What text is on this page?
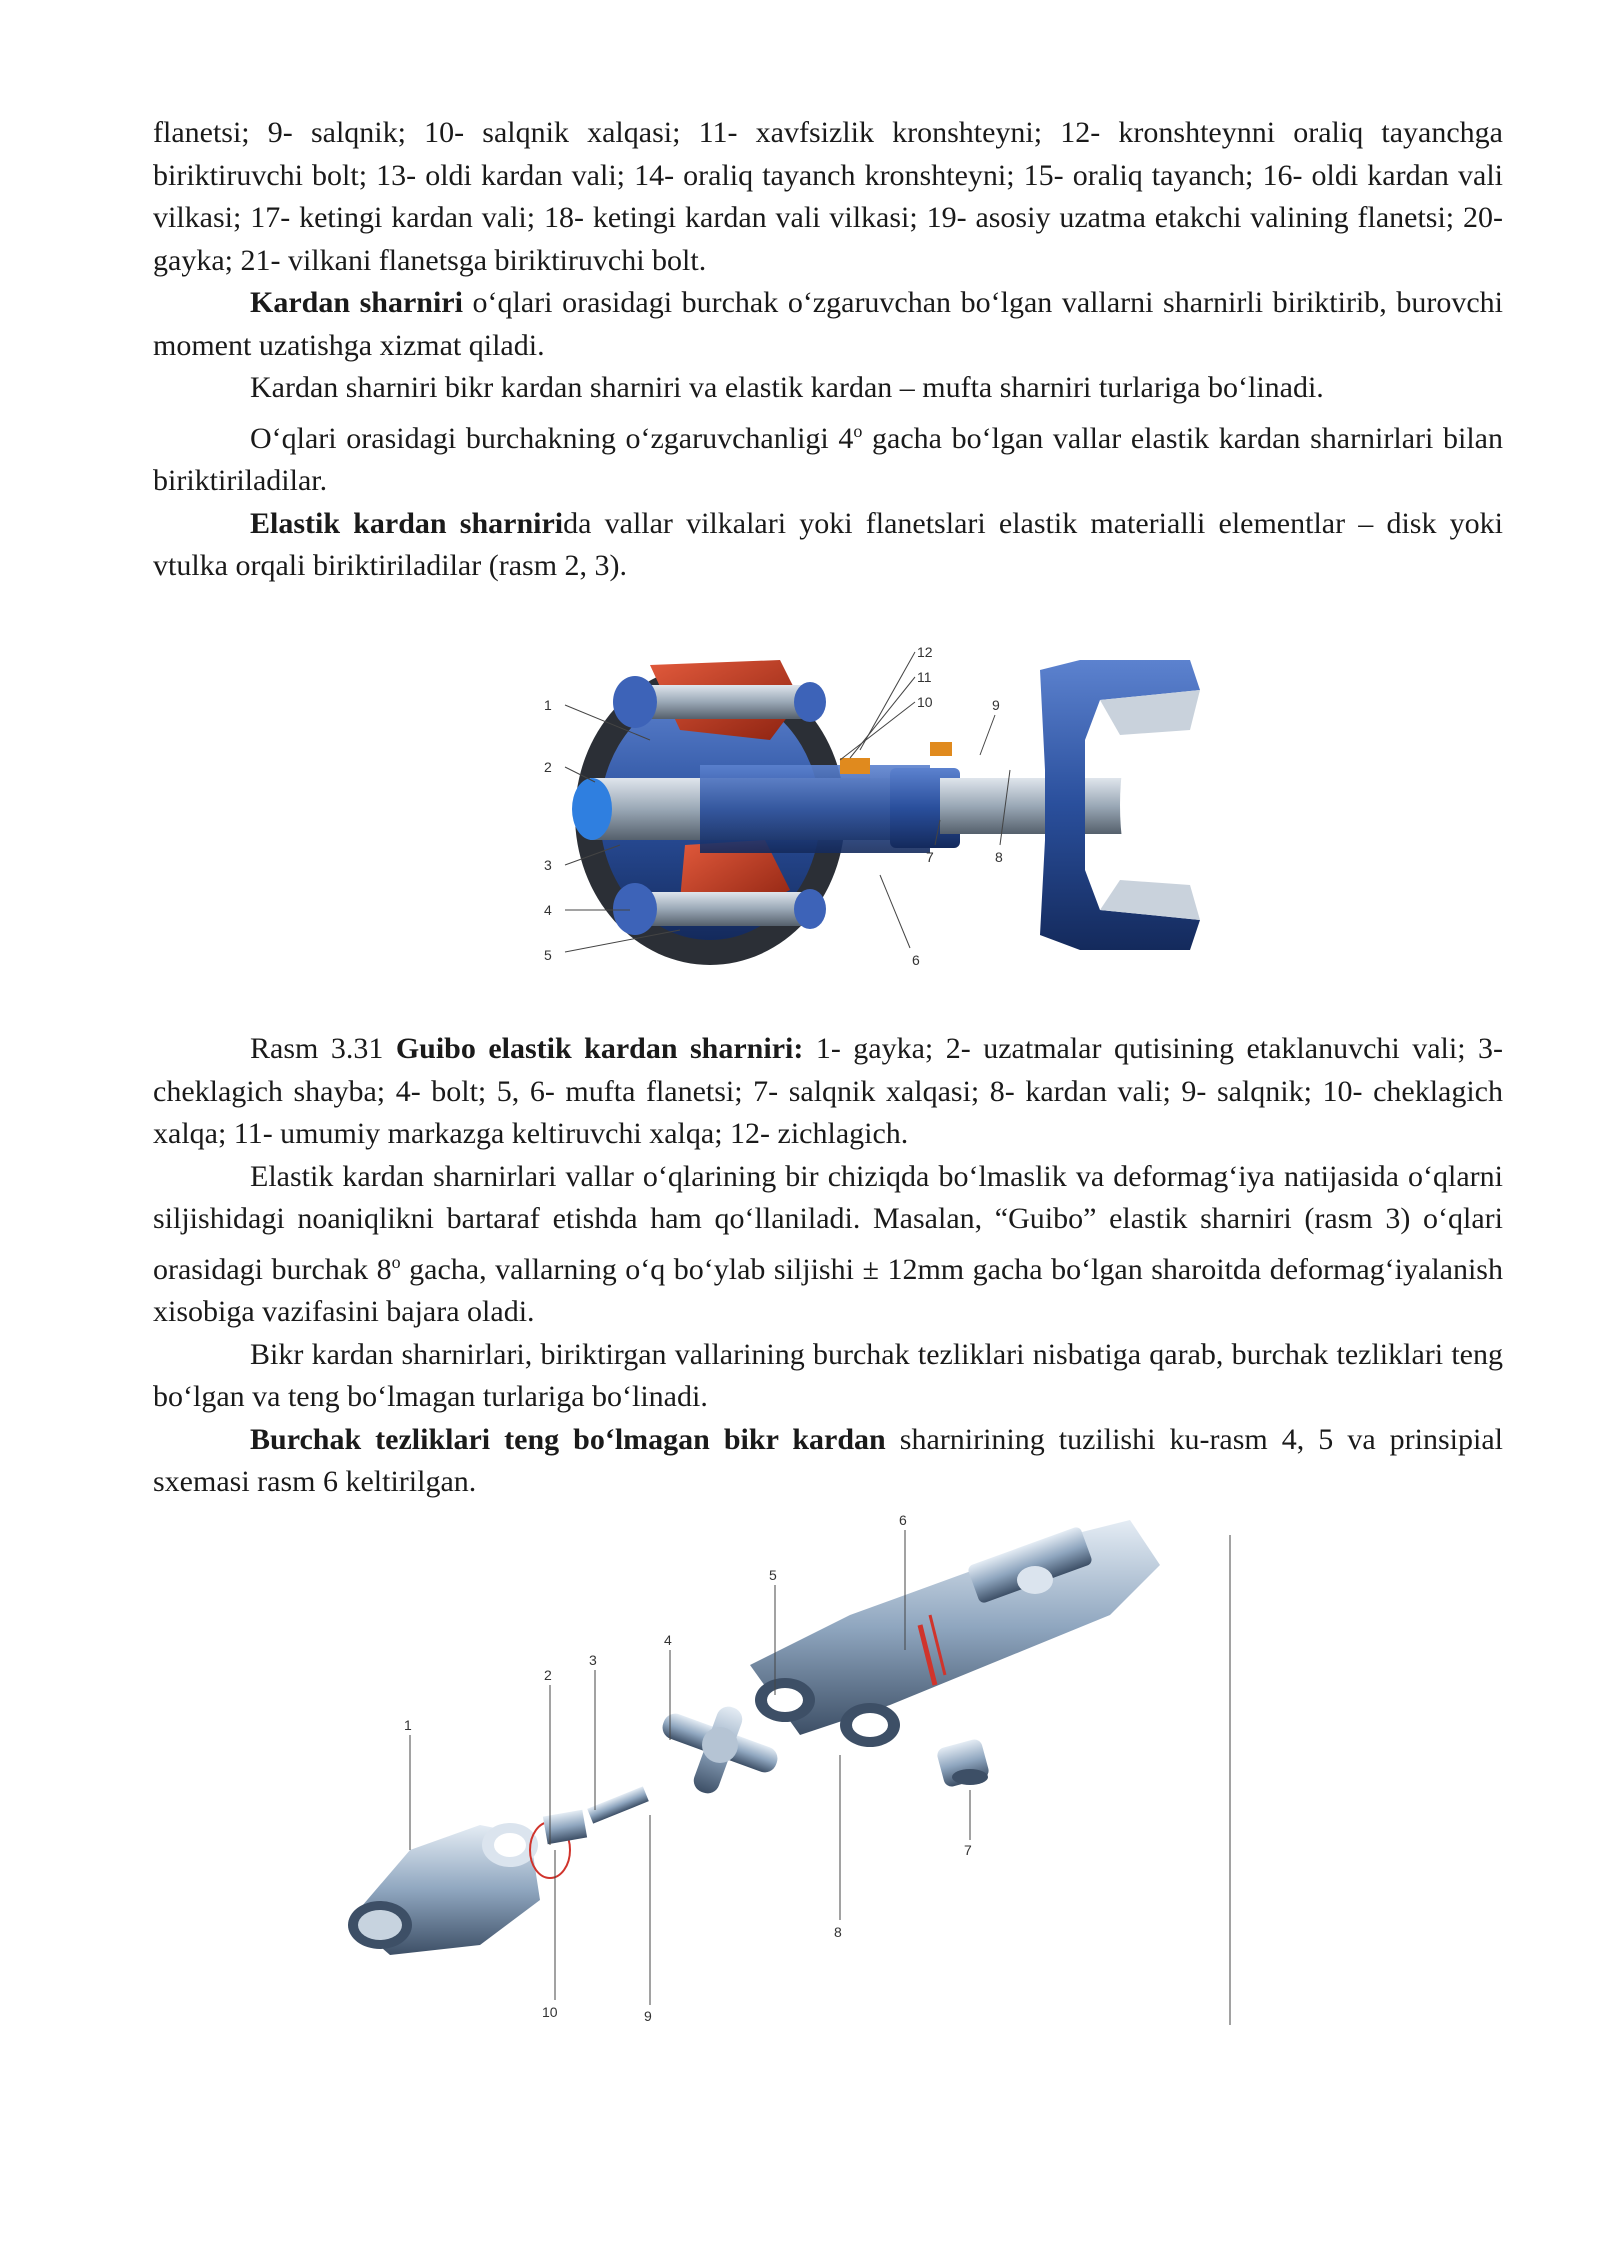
flanetsi; 9- salqnik; 10- salqnik xalqasi; 11- xavfsizlik kronshteyni; 12- kronshteynni oraliq tayanchga biriktiruvchi bolt; 13- oldi kardan vali; 14- oraliq tayanch kronshteyni; 15- oraliq tayanch; 16- oldi kardan vali vilkasi; 17- ketingi kardan vali; 18- ketingi kardan vali vilkasi; 19- asosiy uzatma etakchi valining flanetsi; 20- gayka; 21- vilkani flanetsga biriktiruvchi bolt.

Kardan sharniri o‘qlari orasidagi burchak o‘zgaruvchan bo‘lgan vallarni sharnirli biriktirib, burovchi moment uzatishga xizmat qiladi.

Kardan sharniri bikr kardan sharniri va elastik kardan – mufta sharniri turlariga bo‘linadi.

O‘qlari orasidagi burchakning o‘zgaruvchanligi 4$^o$ gacha bo‘lgan vallar elastik kardan sharnirlari bilan biriktiriladilar.

Elastik kardan sharnirida vallar vilkalari yoki flanetslari elastik materialli elementlar – disk yoki vtulka orqali biriktiriladilar (rasm 2, 3).

1
2
3
4
5	6
7	8
9
10
11
12

Rasm 3.31 Guibo elastik kardan sharniri: 1- gayka; 2- uzatmalar qutisining etaklanuvchi vali; 3- cheklagich shayba; 4- bolt; 5, 6- mufta flanetsi; 7- salqnik xalqasi; 8- kardan vali; 9- salqnik; 10- cheklagich xalqa; 11- umumiy markazga keltiruvchi xalqa; 12- zichlagich.

Elastik kardan sharnirlari vallar o‘qlarining bir chiziqda bo‘lmaslik va deformag‘iya natijasida o‘qlarni siljishidagi noaniqlikni bartaraf etishda ham qo‘llaniladi. Masalan, “Guibo” elastik sharniri (rasm 3) o‘qlari orasidagi burchak 8$^o$ gacha, vallarning o‘q bo‘ylab siljishi ± 12mm gacha bo‘lgan sharoitda deformag‘iyalanish xisobiga vazifasini bajara oladi.

Bikr kardan sharnirlari, biriktirgan vallarining burchak tezliklari nisbatiga qarab, burchak tezliklari teng bo‘lgan va teng bo‘lmagan turlariga bo‘linadi.

Burchak tezliklari teng bo‘lmagan bikr kardan sharnirining tuzilishi ku-rasm 4, 5 va prinsipial sxemasi rasm 6 keltirilgan.

1
2
3
4
5
6
7
8
9
10
